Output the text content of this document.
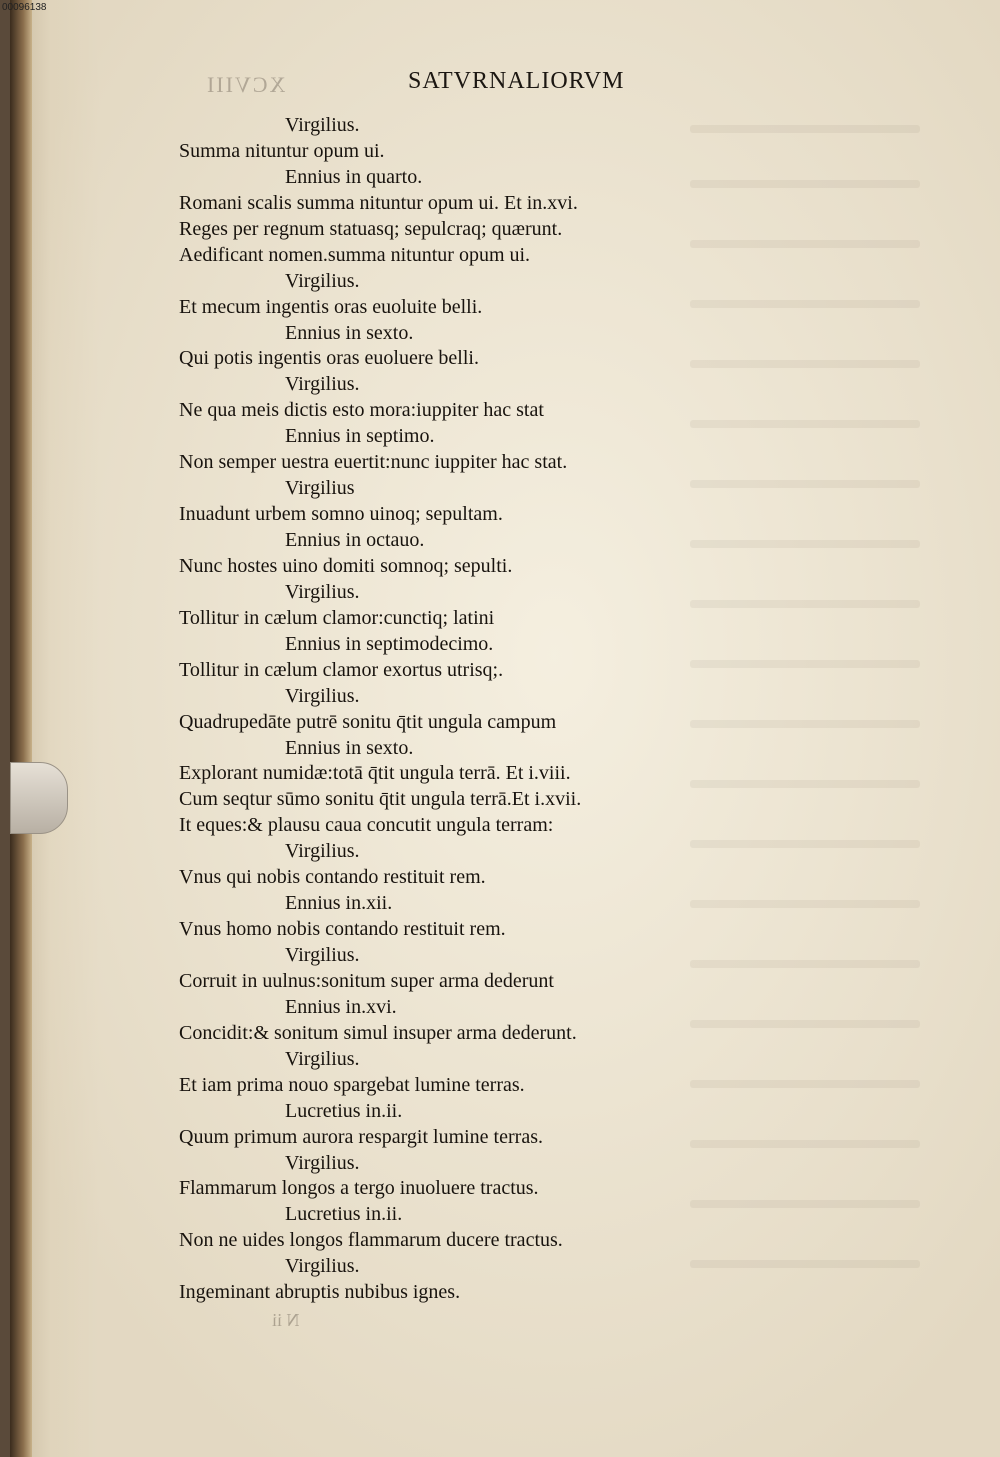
00096138
XCVIII	SATVRNALIORVM
Virgilius.
Summa nituntur opum ui.
Ennius in quarto.
Romani scalis summa nituntur opum ui. Et in.xvi.
Reges per regnum statuasq; sepulcraq; quærunt.
Aedificant nomen.summa nituntur opum ui.
Virgilius.
Et mecum ingentis oras euoluite belli.
Ennius in sexto.
Qui potis ingentis oras euoluere belli.
Virgilius.
Ne qua meis dictis esto mora:iuppiter hac stat
Ennius in septimo.
Non semper uestra euertit:nunc iuppiter hac stat.
Virgilius
Inuadunt urbem somno uinoq; sepultam.
Ennius in octauo.
Nunc hostes uino domiti somnoq; sepulti.
Virgilius.
Tollitur in cælum clamor:cunctiq; latini
Ennius in septimodecimo.
Tollitur in cælum clamor exortus utrisq;.
Virgilius.
Quadrupedāte putrē sonitu q̄tit ungula campum
Ennius in sexto.
Explorant numidæ:totā q̄tit ungula terrā. Et i.viii.
Cum seqtur sūmo sonitu q̄tit ungula terrā.Et i.xvii.
It eques:& plausu caua concutit ungula terram:
Virgilius.
Vnus qui nobis contando restituit rem.
Ennius in.xii.
Vnus homo nobis contando restituit rem.
Virgilius.
Corruit in uulnus:sonitum super arma dederunt
Ennius in.xvi.
Concidit:& sonitum simul insuper arma dederunt.
Virgilius.
Et iam prima nouo spargebat lumine terras.
Lucretius in.ii.
Quum primum aurora respargit lumine terras.
Virgilius.
Flammarum longos a tergo inuoluere tractus.
Lucretius in.ii.
Non ne uides longos flammarum ducere tractus.
Virgilius.
Ingeminant abruptis nubibus ignes.
N ii
